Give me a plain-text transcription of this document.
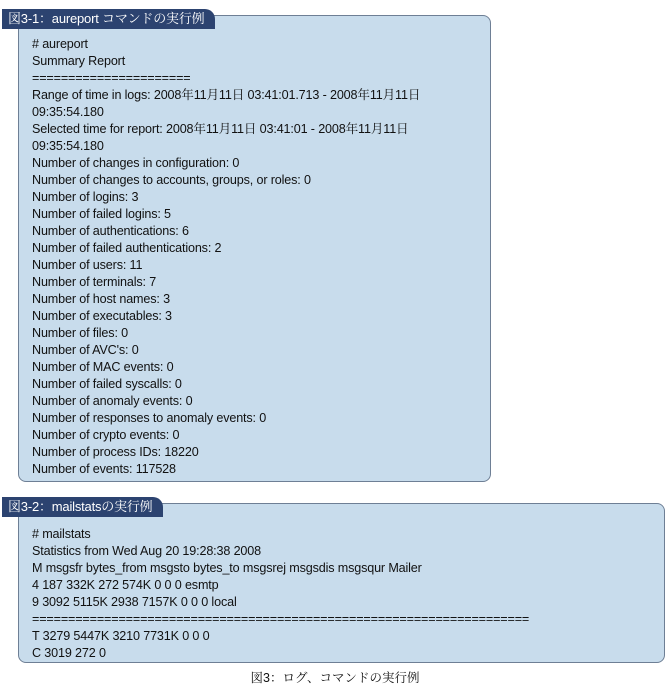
図3-1：aureport コマンドの実行例
# aureport
Summary Report
======================
Range of time in logs: 2008年11月11日 03:41:01.713 - 2008年11月11日
09:35:54.180
Selected time for report: 2008年11月11日 03:41:01 - 2008年11月11日
09:35:54.180
Number of changes in configuration: 0
Number of changes to accounts, groups, or roles: 0
Number of logins: 3
Number of failed logins: 5
Number of authentications: 6
Number of failed authentications: 2
Number of users: 11
Number of terminals: 7
Number of host names: 3
Number of executables: 3
Number of files: 0
Number of AVC's: 0
Number of MAC events: 0
Number of failed syscalls: 0
Number of anomaly events: 0
Number of responses to anomaly events: 0
Number of crypto events: 0
Number of process IDs: 18220
Number of events: 117528
図3-2：mailstatsの実行例
# mailstats
Statistics from Wed Aug 20 19:28:38 2008
M msgsfr bytes_from msgsto bytes_to msgsrej msgsdis msgsqur Mailer
4 187 332K 272 574K 0 0 0 esmtp
9 3092 5115K 2938 7157K 0 0 0 local
=====================================================================
T 3279 5447K 3210 7731K 0 0 0
C 3019 272 0
図3：ログ、コマンドの実行例
